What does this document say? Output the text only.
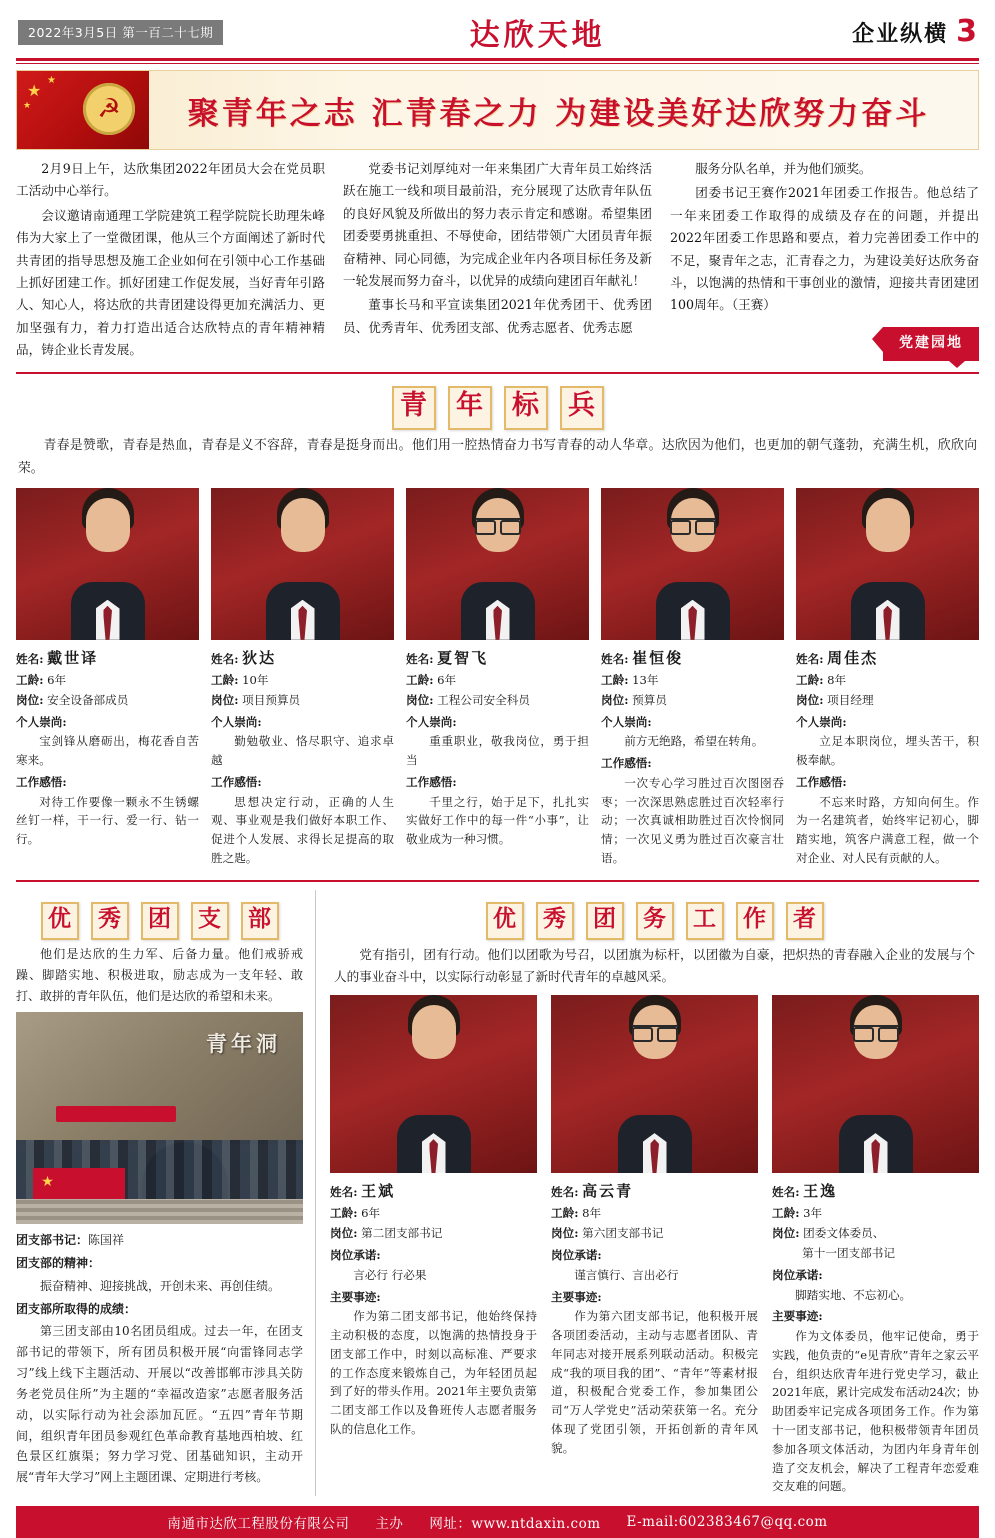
2022年3月5日 第一百二十七期	达欣天地	企业纵横 3
★
★
★	☭	聚青年之志 汇青春之力 为建设美好达欣努力奋斗

2月9日上午，达欣集团2022年团员大会在党员职工活动中心举行。

会议邀请南通理工学院建筑工程学院院长助理朱峰伟为大家上了一堂微团课，他从三个方面阐述了新时代共青团的指导思想及施工企业如何在引领中心工作基础上抓好团建工作。抓好团建工作促发展，当好青年引路人、知心人，将达欣的共青团建设得更加充满活力、更加坚强有力，着力打造出适合达欣特点的青年精神精品，铸企业长青发展。

党委书记刘厚纯对一年来集团广大青年员工始终活跃在施工一线和项目最前沿，充分展现了达欣青年队伍的良好风貌及所做出的努力表示肯定和感谢。希望集团团委要勇挑重担、不辱使命，团结带领广大团员青年振奋精神、同心同德，为完成企业年内各项目标任务及新一轮发展而努力奋斗，以优异的成绩向建团百年献礼！

董事长马和平宣读集团2021年优秀团干、优秀团员、优秀青年、优秀团支部、优秀志愿者、优秀志愿

服务分队名单，并为他们颁奖。

团委书记王赛作2021年团委工作报告。他总结了一年来团委工作取得的成绩及存在的问题，并提出2022年团委工作思路和要点，着力完善团委工作中的不足，聚青年之志，汇青春之力，为建设美好达欣务奋斗，以饱满的热情和干事创业的激情，迎接共青团建团100周年。（王赛）

党建园地
青	年	标	兵
青春是赞歌，青春是热血，青春是义不容辞，青春是挺身而出。他们用一腔热情奋力书写青春的动人华章。达欣因为他们，也更加的朝气蓬勃，充满生机，欣欣向荣。
姓名: 戴世译
工龄: 6年
岗位: 安全设备部成员
个人崇尚:
宝剑锋从磨砺出，梅花香自苦寒来。
工作感悟:
对待工作要像一颗永不生锈螺丝钉一样，干一行、爱一行、钻一行。
姓名: 狄达
工龄: 10年
岗位: 项目预算员
个人崇尚:
勤勉敬业、恪尽职守、追求卓越
工作感悟:
思想决定行动，正确的人生观、事业观是我们做好本职工作、促进个人发展、求得长足提高的取胜之匙。
姓名: 夏智飞
工龄: 6年
岗位: 工程公司安全科员
个人崇尚:
重重职业，敬我岗位，勇于担当
工作感悟:
千里之行，始于足下，扎扎实实做好工作中的每一件“小事”，让敬业成为一种习惯。
姓名: 崔恒俊
工龄: 13年
岗位: 预算员
个人崇尚:
前方无绝路，希望在转角。
工作感悟:
一次专心学习胜过百次图囹吞枣；一次深思熟虑胜过百次轻率行动；一次真诚相助胜过百次怜悯同情；一次见义勇为胜过百次豪言壮语。
姓名: 周佳杰
工龄: 8年
岗位: 项目经理
个人崇尚:
立足本职岗位，埋头苦干，积极奉献。
工作感悟:
不忘来时路，方知向何生。作为一名建筑者，始终牢记初心，脚踏实地，筑客户满意工程，做一个对企业、对人民有贡献的人。
优	秀	团	支	部
他们是达欣的生力军、后备力量。他们戒骄戒躁、脚踏实地、积极进取，励志成为一支年轻、敢打、敢拼的青年队伍，他们是达欣的希望和未来。
青年洞
★
团支部书记：陈国祥
团支部的精神：
振奋精神、迎接挑战，开创未来、再创佳绩。
团支部所取得的成绩：
第三团支部由10名团员组成。过去一年，在团支部书记的带领下，所有团员积极开展“向雷锋同志学习”线上线下主题活动、开展以“改善邯郸市涉具关防务老党员住所”为主题的“幸福改造家”志愿者服务活动，以实际行动为社会添加瓦匠。“五四”青年节期间，组织青年团员参观红色革命教育基地西柏坡、红色景区红旗渠；努力学习党、团基础知识，主动开展“青年大学习”网上主题团课、定期进行考核。
优	秀	团	务	工	作	者
党有指引，团有行动。他们以团歌为号召，以团旗为标杆，以团徽为自豪，把炽热的青春融入企业的发展与个人的事业奋斗中，以实际行动彰显了新时代青年的卓越风采。
姓名: 王斌
工龄: 6年
岗位: 第二团支部书记
岗位承诺:
言必行 行必果
主要事迹:
作为第二团支部书记，他始终保持主动积极的态度，以饱满的热情投身于团支部工作中，时刻以高标准、严要求的工作态度来锻炼自己，为年轻团员起到了好的带头作用。2021年主要负责第二团支部工作以及鲁班传人志愿者服务队的信息化工作。
姓名: 高云青
工龄: 8年
岗位: 第六团支部书记
岗位承诺:
谨言慎行、言出必行
主要事迹:
作为第六团支部书记，他积极开展各项团委活动，主动与志愿者团队、青年同志对接开展系列联动活动。积极完成“我的项目我的团”、“青年”等素材报道，积极配合党委工作，参加集团公司“万人学党史”活动荣获第一名。充分体现了党团引领，开拓创新的青年风貌。
姓名: 王逸
工龄: 3年
岗位: 团委文体委员、
第十一团支部书记
岗位承诺:
脚踏实地、不忘初心。
主要事迹:
作为文体委员，他牢记使命，勇于实践，他负责的“e见青欣”青年之家云平台，组织达欣青年进行党史学习，截止2021年底，累计完成发布活动24次；协助团委牢记完成各项团务工作。作为第十一团支部书记，他积极带领青年团员参加各项文体活动，为团内年身青年创造了交友机会，解决了工程青年恋爱难交友难的问题。
南通市达欣工程股份有限公司 主办 网址：www.ntdaxin.com E-mail:602383467@qq.com
